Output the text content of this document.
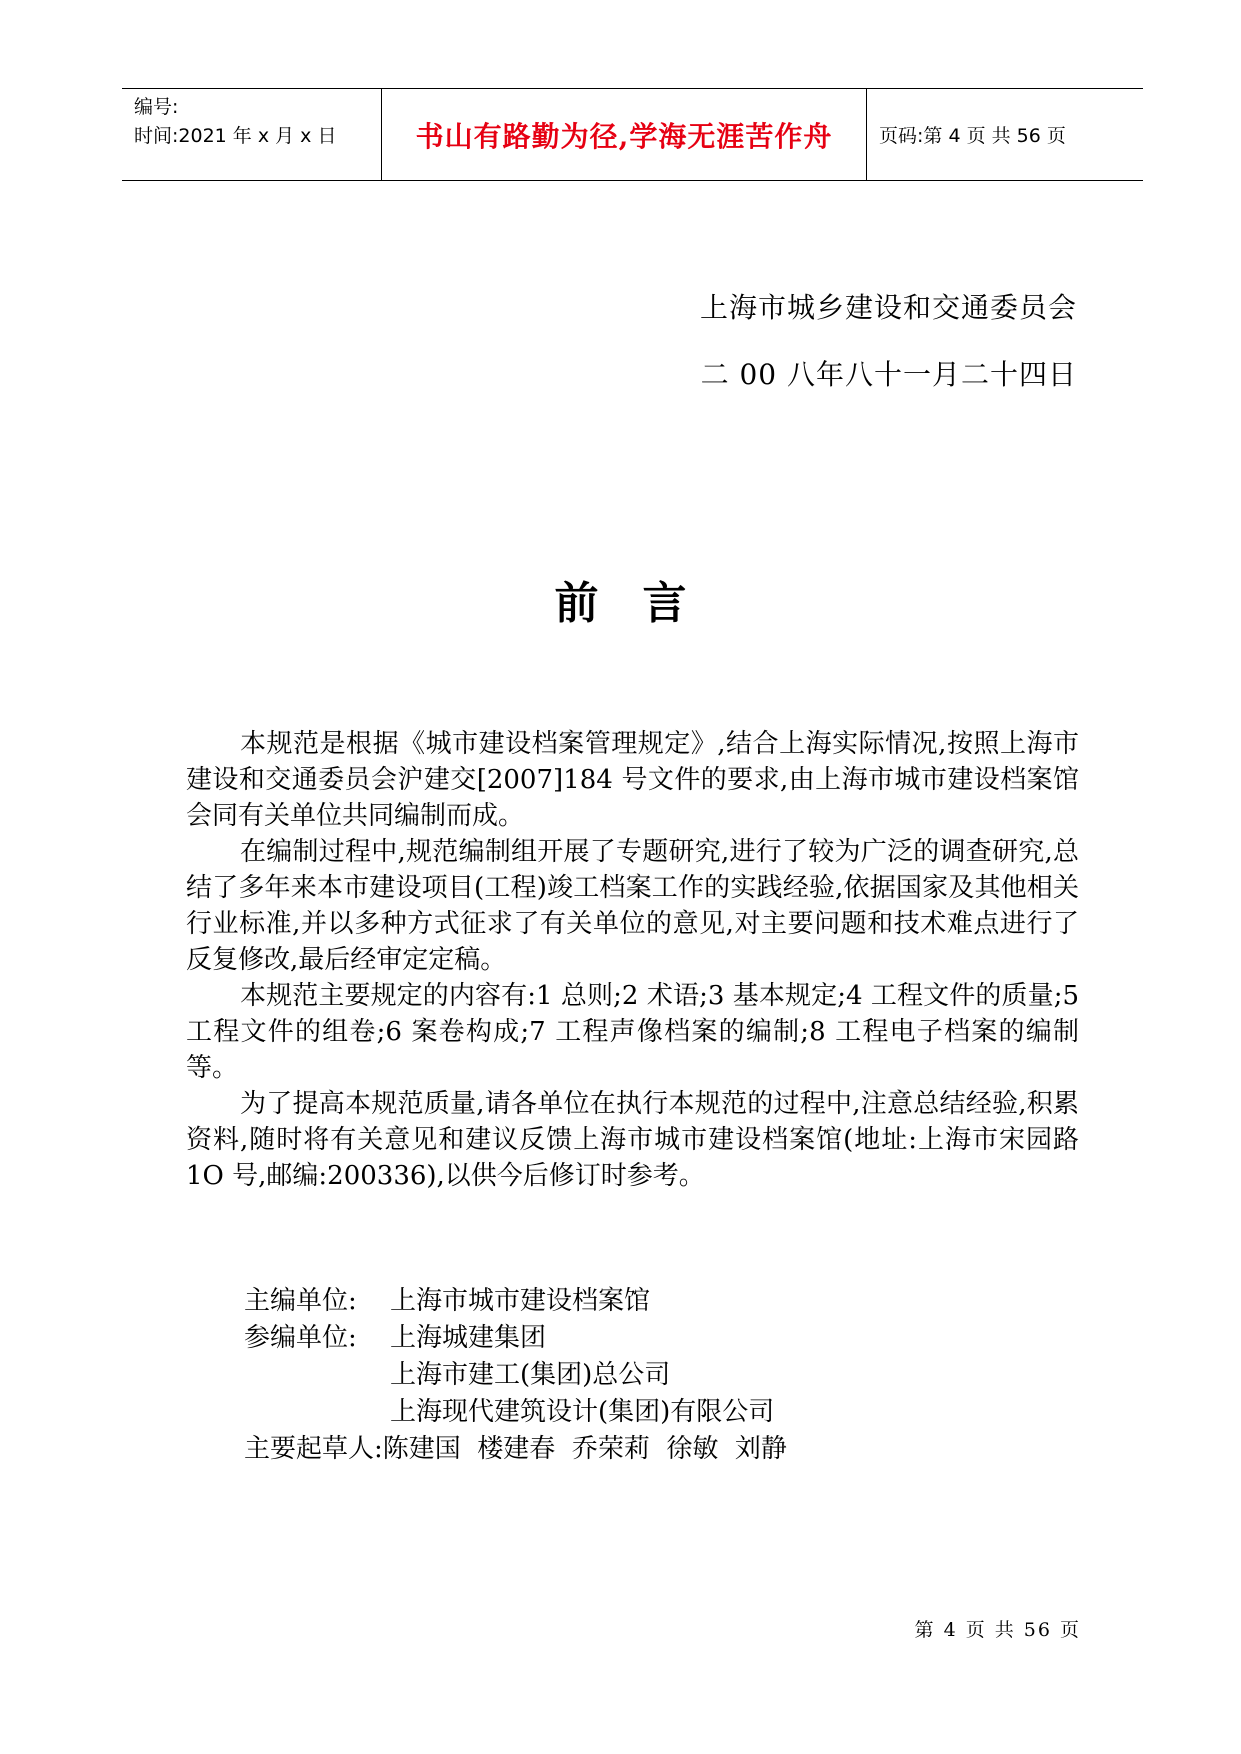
编号:
时间:2021 年 x 月 x 日	书山有路勤为径,学海无涯苦作舟	页码:第 4 页 共 56 页
上海市城乡建设和交通委员会
二 00 八年八十一月二十四日
前言

本规范是根据《城市建设档案管理规定》,结合上海实际情况,按照上海市建设和交通委员会沪建交[2007]184 号文件的要求,由上海市城市建设档案馆会同有关单位共同编制而成。

在编制过程中,规范编制组开展了专题研究,进行了较为广泛的调查研究,总结了多年来本市建设项目(工程)竣工档案工作的实践经验,依据国家及其他相关行业标准,并以多种方式征求了有关单位的意见,对主要问题和技术难点进行了反复修改,最后经审定定稿。

本规范主要规定的内容有:1 总则;2 术语;3 基本规定;4 工程文件的质量;5 工程文件的组卷;6 案卷构成;7 工程声像档案的编制;8 工程电子档案的编制等。

为了提高本规范质量,请各单位在执行本规范的过程中,注意总结经验,积累资料,随时将有关意见和建议反馈上海市城市建设档案馆(地址:上海市宋园路 1O 号,邮编:200336),以供今后修订时参考。

主编单位:	上海市城市建设档案馆
参编单位:	上海城建集团
上海市建工(集团)总公司
上海现代建筑设计(集团)有限公司
主要起草人: 陈建国  楼建春  乔荣莉  徐敏  刘静
第 4 页 共 56 页
